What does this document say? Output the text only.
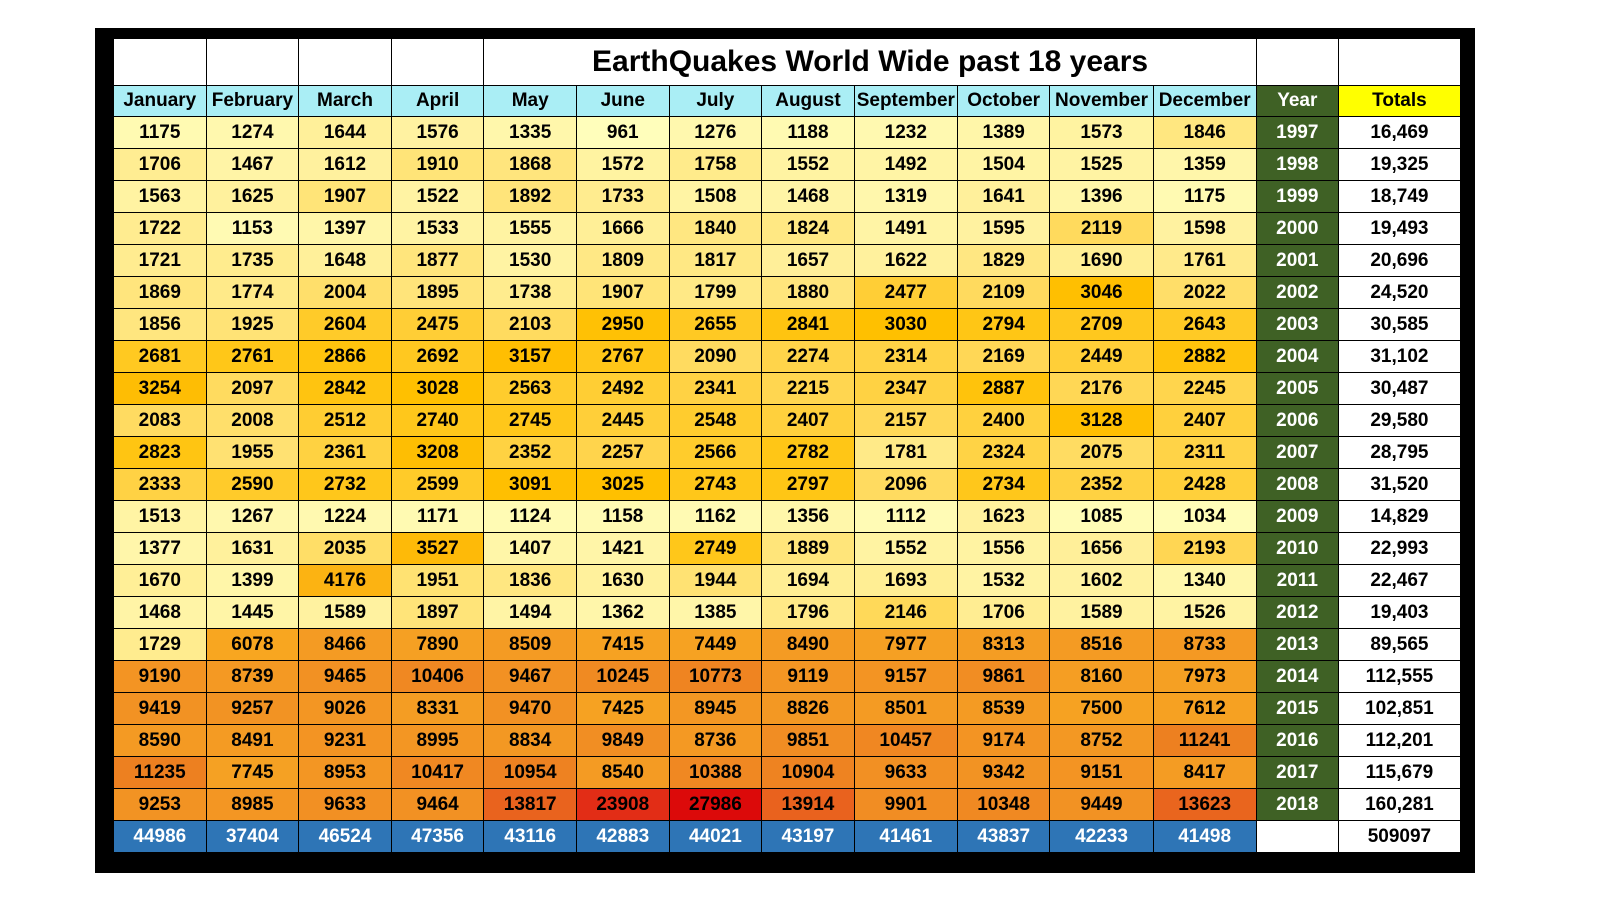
				EarthQuakes World Wide past 18 years									
January	February	March	April	May	June	July	August	September	October	November	December	Year	Totals
1175	1274	1644	1576	1335	961	1276	1188	1232	1389	1573	1846	1997	16,469
1706	1467	1612	1910	1868	1572	1758	1552	1492	1504	1525	1359	1998	19,325
1563	1625	1907	1522	1892	1733	1508	1468	1319	1641	1396	1175	1999	18,749
1722	1153	1397	1533	1555	1666	1840	1824	1491	1595	2119	1598	2000	19,493
1721	1735	1648	1877	1530	1809	1817	1657	1622	1829	1690	1761	2001	20,696
1869	1774	2004	1895	1738	1907	1799	1880	2477	2109	3046	2022	2002	24,520
1856	1925	2604	2475	2103	2950	2655	2841	3030	2794	2709	2643	2003	30,585
2681	2761	2866	2692	3157	2767	2090	2274	2314	2169	2449	2882	2004	31,102
3254	2097	2842	3028	2563	2492	2341	2215	2347	2887	2176	2245	2005	30,487
2083	2008	2512	2740	2745	2445	2548	2407	2157	2400	3128	2407	2006	29,580
2823	1955	2361	3208	2352	2257	2566	2782	1781	2324	2075	2311	2007	28,795
2333	2590	2732	2599	3091	3025	2743	2797	2096	2734	2352	2428	2008	31,520
1513	1267	1224	1171	1124	1158	1162	1356	1112	1623	1085	1034	2009	14,829
1377	1631	2035	3527	1407	1421	2749	1889	1552	1556	1656	2193	2010	22,993
1670	1399	4176	1951	1836	1630	1944	1694	1693	1532	1602	1340	2011	22,467
1468	1445	1589	1897	1494	1362	1385	1796	2146	1706	1589	1526	2012	19,403
1729	6078	8466	7890	8509	7415	7449	8490	7977	8313	8516	8733	2013	89,565
9190	8739	9465	10406	9467	10245	10773	9119	9157	9861	8160	7973	2014	112,555
9419	9257	9026	8331	9470	7425	8945	8826	8501	8539	7500	7612	2015	102,851
8590	8491	9231	8995	8834	9849	8736	9851	10457	9174	8752	11241	2016	112,201
11235	7745	8953	10417	10954	8540	10388	10904	9633	9342	9151	8417	2017	115,679
9253	8985	9633	9464	13817	23908	27986	13914	9901	10348	9449	13623	2018	160,281
44986	37404	46524	47356	43116	42883	44021	43197	41461	43837	42233	41498		509097
